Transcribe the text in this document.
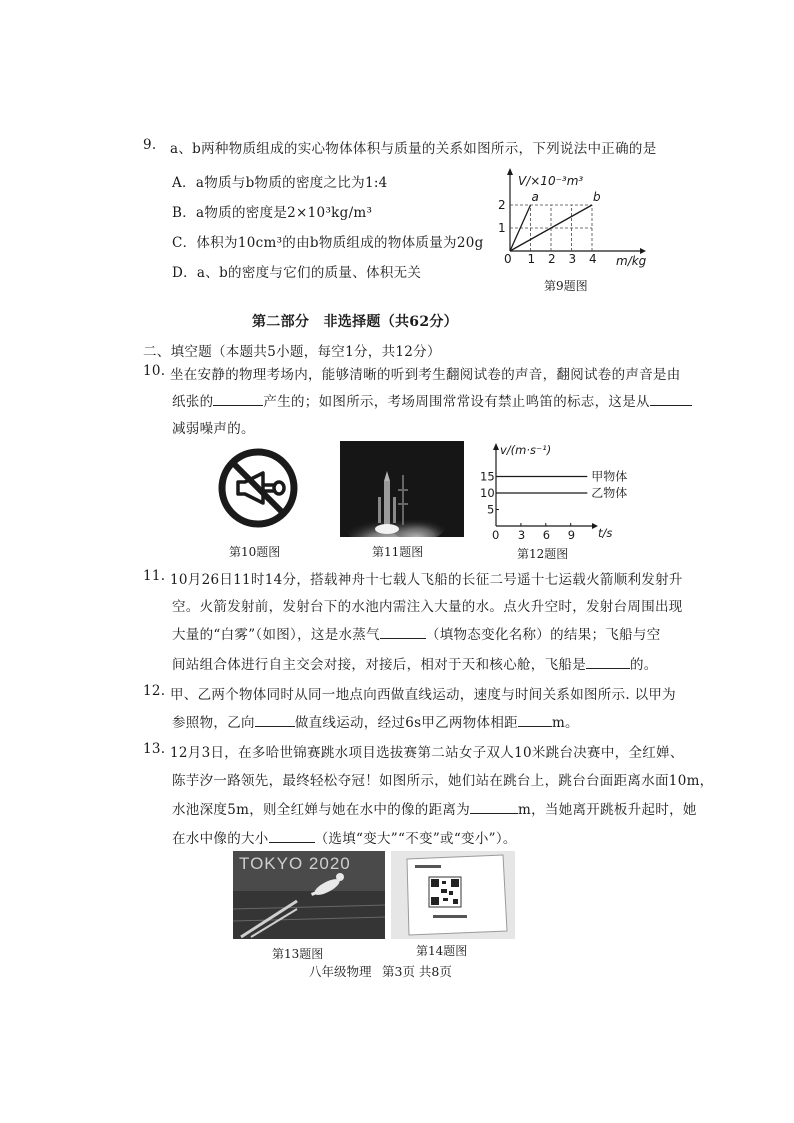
9. a、b两种物质组成的实心物体体积与质量的关系如图所示，下列说法中正确的是
A．a物质与b物质的密度之比为1:4
B．a物质的密度是2×10³kg/m³
C．体积为10cm³的由b物质组成的物体质量为20g
D．a、b的密度与它们的质量、体积无关
0 1 2 3 4
1
2
a	b
V/×10⁻³m³
m/kg
第9题图
第二部分　非选择题（共62分）
二、填空题（本题共5小题，每空1分，共12分）
10. 坐在安静的物理考场内，能够清晰的听到考生翻阅试卷的声音，翻阅试卷的声音是由
纸张的	产生的；如图所示，考场周围常常设有禁止鸣笛的标志，这是从
减弱噪声的。
第10题图	第11题图
0 3 6 9
5
10
15	甲物体
乙物体
v/(m·s⁻¹)
t/s
第12题图
11. 10月26日11时14分，搭载神舟十七载人飞船的长征二号遥十七运载火箭顺利发射升
空。火箭发射前，发射台下的水池内需注入大量的水。点火升空时，发射台周围出现
大量的“白雾”（如图），这是水蒸气	（填物态变化名称）的结果；飞船与空
间站组合体进行自主交会对接，对接后，相对于天和核心舱，飞船是	的。
12. 甲、乙两个物体同时从同一地点向西做直线运动，速度与时间关系如图所示. 以甲为
参照物，乙向	做直线运动，经过6s甲乙两物体相距	m。
13. 12月3日，在多哈世锦赛跳水项目选拔赛第二站女子双人10米跳台决赛中，全红婵、
陈芋汐一路领先，最终轻松夺冠！如图所示，她们站在跳台上，跳台台面距离水面10m，
水池深度5m，则全红婵与她在水中的像的距离为	m，当她离开跳板升起时，她
在水中像的大小	（选填“变大”“不变”或“变小”）。
TOKYO 2020
第13题图	第14题图
八年级物理 第3页 共8页
